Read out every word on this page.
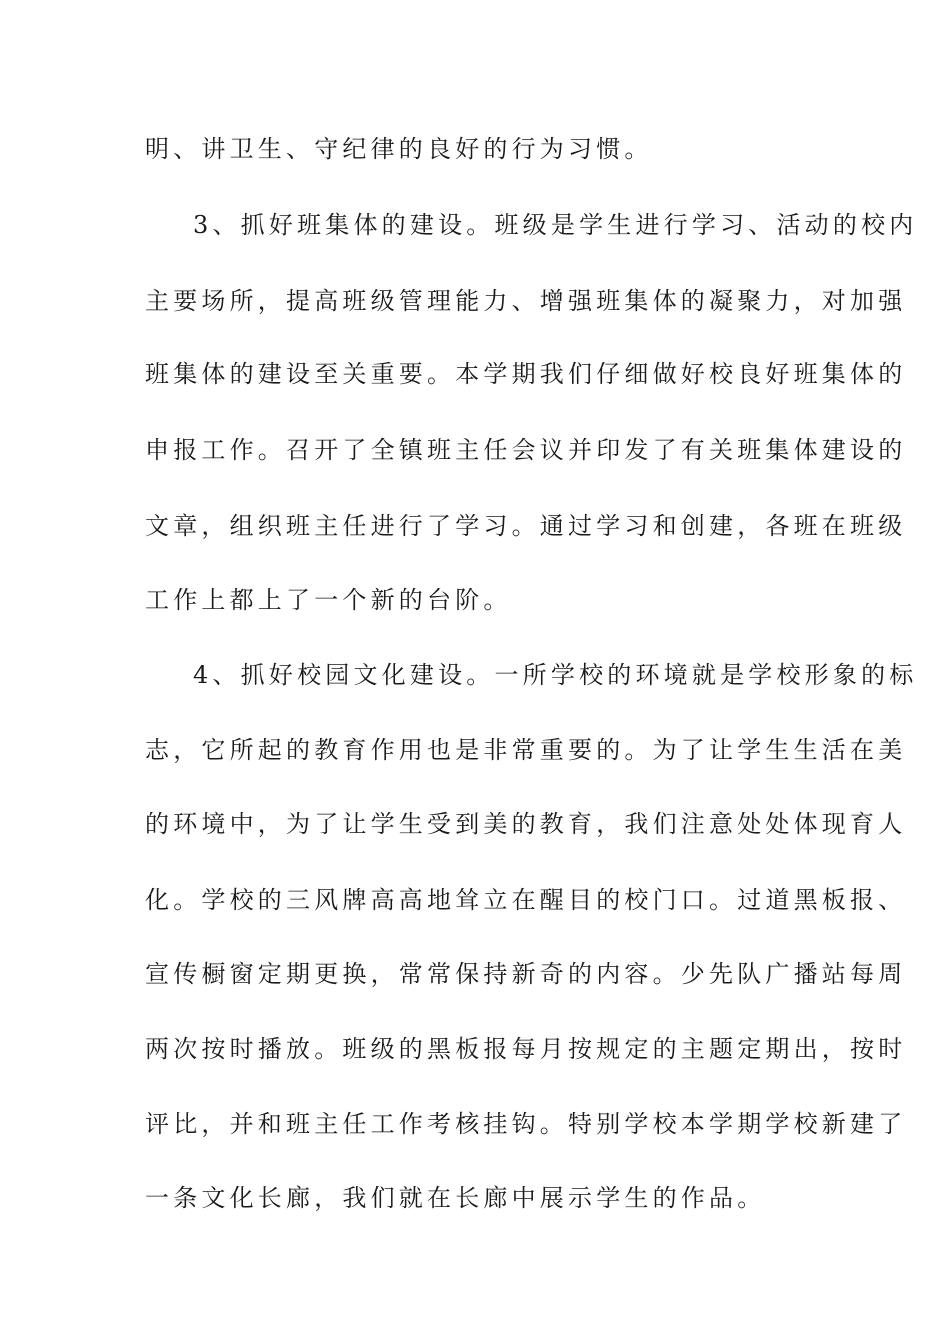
明、讲卫生、守纪律的良好的行为习惯。
3、抓好班集体的建设。班级是学生进行学习、活动的校内
主要场所，提高班级管理能力、增强班集体的凝聚力，对加强
班集体的建设至关重要。本学期我们仔细做好校良好班集体的
申报工作。召开了全镇班主任会议并印发了有关班集体建设的
文章，组织班主任进行了学习。通过学习和创建，各班在班级
工作上都上了一个新的台阶。
4、抓好校园文化建设。一所学校的环境就是学校形象的标
志，它所起的教育作用也是非常重要的。为了让学生生活在美
的环境中，为了让学生受到美的教育，我们注意处处体现育人
化。学校的三风牌高高地耸立在醒目的校门口。过道黑板报、
宣传橱窗定期更换，常常保持新奇的内容。少先队广播站每周
两次按时播放。班级的黑板报每月按规定的主题定期出，按时
评比，并和班主任工作考核挂钩。特别学校本学期学校新建了
一条文化长廊，我们就在长廊中展示学生的作品。
